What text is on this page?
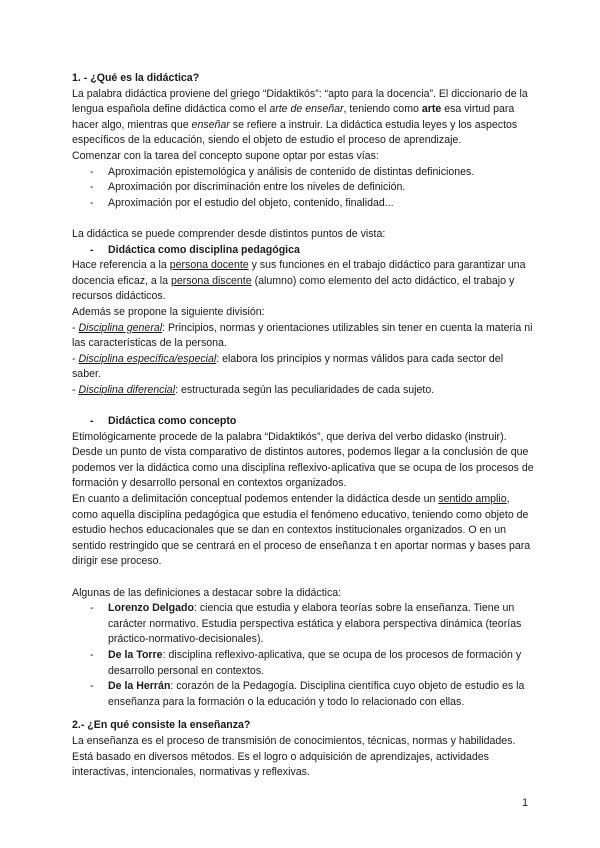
1. - ¿Qué es la didáctica?

La palabra didáctica proviene del griego “Didaktikós”: “apto para la docencia”. El diccionario de la lengua española define didáctica como el arte de enseñar, teniendo como arte esa virtud para hacer algo, mientras que enseñar se refiere a instruir. La didáctica estudia leyes y los aspectos específicos de la educación, siendo el objeto de estudio el proceso de aprendizaje.

Comenzar con la tarea del concepto supone optar por estas vías:

- Aproximación epistemológica y análisis de contenido de distintas definiciones.
- Aproximación por discriminación entre los niveles de definición.
- Aproximación por el estudio del objeto, contenido, finalidad...

La didáctica se puede comprender desde distintos puntos de vista:

- Didáctica como disciplina pedagógica

Hace referencia a la persona docente y sus funciones en el trabajo didáctico para garantizar una docencia eficaz, a la persona discente (alumno) como elemento del acto didáctico, el trabajo y recursos didácticos.

Además se propone la siguiente división:

- Disciplina general: Principios, normas y orientaciones utilizables sin tener en cuenta la materia ni las características de la persona.

- Disciplina específica/especial: elabora los principios y normas válidos para cada sector del saber.

- Disciplina diferencial: estructurada según las peculiaridades de cada sujeto.

- Didáctica como concepto

Etimológicamente procede de la palabra “Didaktikós”, que deriva del verbo didasko (instruir). Desde un punto de vista comparativo de distintos autores, podemos llegar a la conclusión de que podemos ver la didáctica como una disciplina reflexivo-aplicativa que se ocupa de los procesos de formación y desarrollo personal en contextos organizados.

En cuanto a delimitación conceptual podemos entender la didáctica desde un sentido amplio, como aquella disciplina pedagógica que estudia el fenómeno educativo, teniendo como objeto de estudio hechos educacionales que se dan en contextos institucionales organizados. O en un sentido restringido que se centrará en el proceso de enseñanza t en aportar normas y bases para dirigir ese proceso.

Algunas de las definiciones a destacar sobre la didáctica:

- Lorenzo Delgado: ciencia que estudia y elabora teorías sobre la enseñanza. Tiene un carácter normativo. Estudia perspectiva estática y elabora perspectiva dinámica (teorías práctico-normativo-decisionales).
- De la Torre: disciplina reflexivo-aplicativa, que se ocupa de los procesos de formación y desarrollo personal en contextos.
- De la Herrán: corazón de la Pedagogía. Disciplina científica cuyo objeto de estudio es la enseñanza para la formación o la educación y todo lo relacionado con ellas.

2.- ¿En qué consiste la enseñanza?

La enseñanza es el proceso de transmisión de conocimientos, técnicas, normas y habilidades. Está basado en diversos métodos. Es el logro o adquisición de aprendizajes, actividades interactivas, intencionales, normativas y reflexivas.

1
